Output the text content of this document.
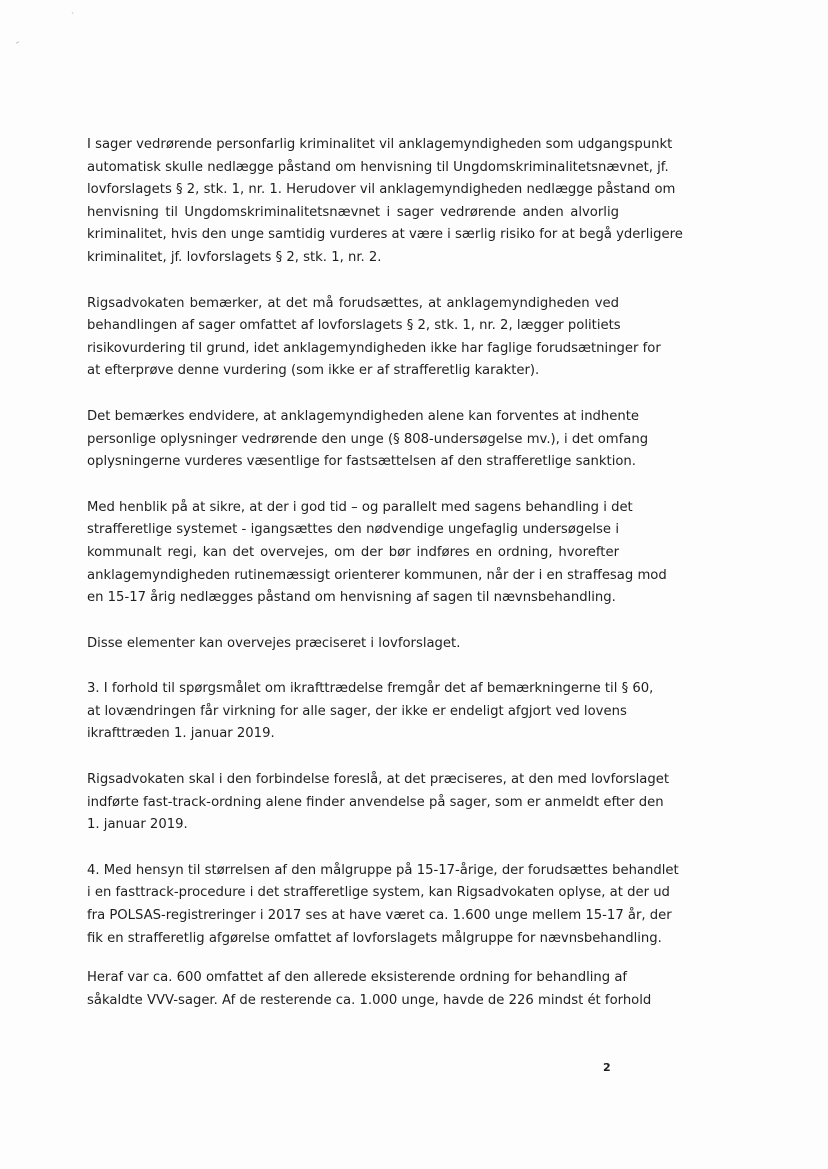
I sager vedrørende personfarlig kriminalitet vil anklagemyndigheden som udgangspunkt

automatisk skulle nedlægge påstand om henvisning til Ungdomskriminalitetsnævnet, jf.

lovforslagets § 2, stk. 1, nr. 1. Herudover vil anklagemyndigheden nedlægge påstand om

henvisning til Ungdomskriminalitetsnævnet i sager vedrørende anden alvorlig

kriminalitet, hvis den unge samtidig vurderes at være i særlig risiko for at begå yderligere

kriminalitet, jf. lovforslagets § 2, stk. 1, nr. 2.

Rigsadvokaten bemærker, at det må forudsættes, at anklagemyndigheden ved

behandlingen af sager omfattet af lovforslagets § 2, stk. 1, nr. 2, lægger politiets

risikovurdering til grund, idet anklagemyndigheden ikke har faglige forudsætninger for

at efterprøve denne vurdering (som ikke er af strafferetlig karakter).

Det bemærkes endvidere, at anklagemyndigheden alene kan forventes at indhente

personlige oplysninger vedrørende den unge (§ 808-undersøgelse mv.), i det omfang

oplysningerne vurderes væsentlige for fastsættelsen af den strafferetlige sanktion.

Med henblik på at sikre, at der i god tid – og parallelt med sagens behandling i det

strafferetlige systemet - igangsættes den nødvendige ungefaglig undersøgelse i

kommunalt regi, kan det overvejes, om der bør indføres en ordning, hvorefter

anklagemyndigheden rutinemæssigt orienterer kommunen, når der i en straffesag mod

en 15-17 årig nedlægges påstand om henvisning af sagen til nævnsbehandling.

Disse elementer kan overvejes præciseret i lovforslaget.

3. I forhold til spørgsmålet om ikrafttrædelse fremgår det af bemærkningerne til § 60,

at lovændringen får virkning for alle sager, der ikke er endeligt afgjort ved lovens

ikrafttræden 1. januar 2019.

Rigsadvokaten skal i den forbindelse foreslå, at det præciseres, at den med lovforslaget

indførte fast-track-ordning alene finder anvendelse på sager, som er anmeldt efter den

1. januar 2019.

4. Med hensyn til størrelsen af den målgruppe på 15-17-årige, der forudsættes behandlet

i en fasttrack-procedure i det strafferetlige system, kan Rigsadvokaten oplyse, at der ud

fra POLSAS-registreringer i 2017 ses at have været ca. 1.600 unge mellem 15-17 år, der

fik en strafferetlig afgørelse omfattet af lovforslagets målgruppe for nævnsbehandling.

Heraf var ca. 600 omfattet af den allerede eksisterende ordning for behandling af

såkaldte VVV-sager. Af de resterende ca. 1.000 unge, havde de 226 mindst ét forhold

2
